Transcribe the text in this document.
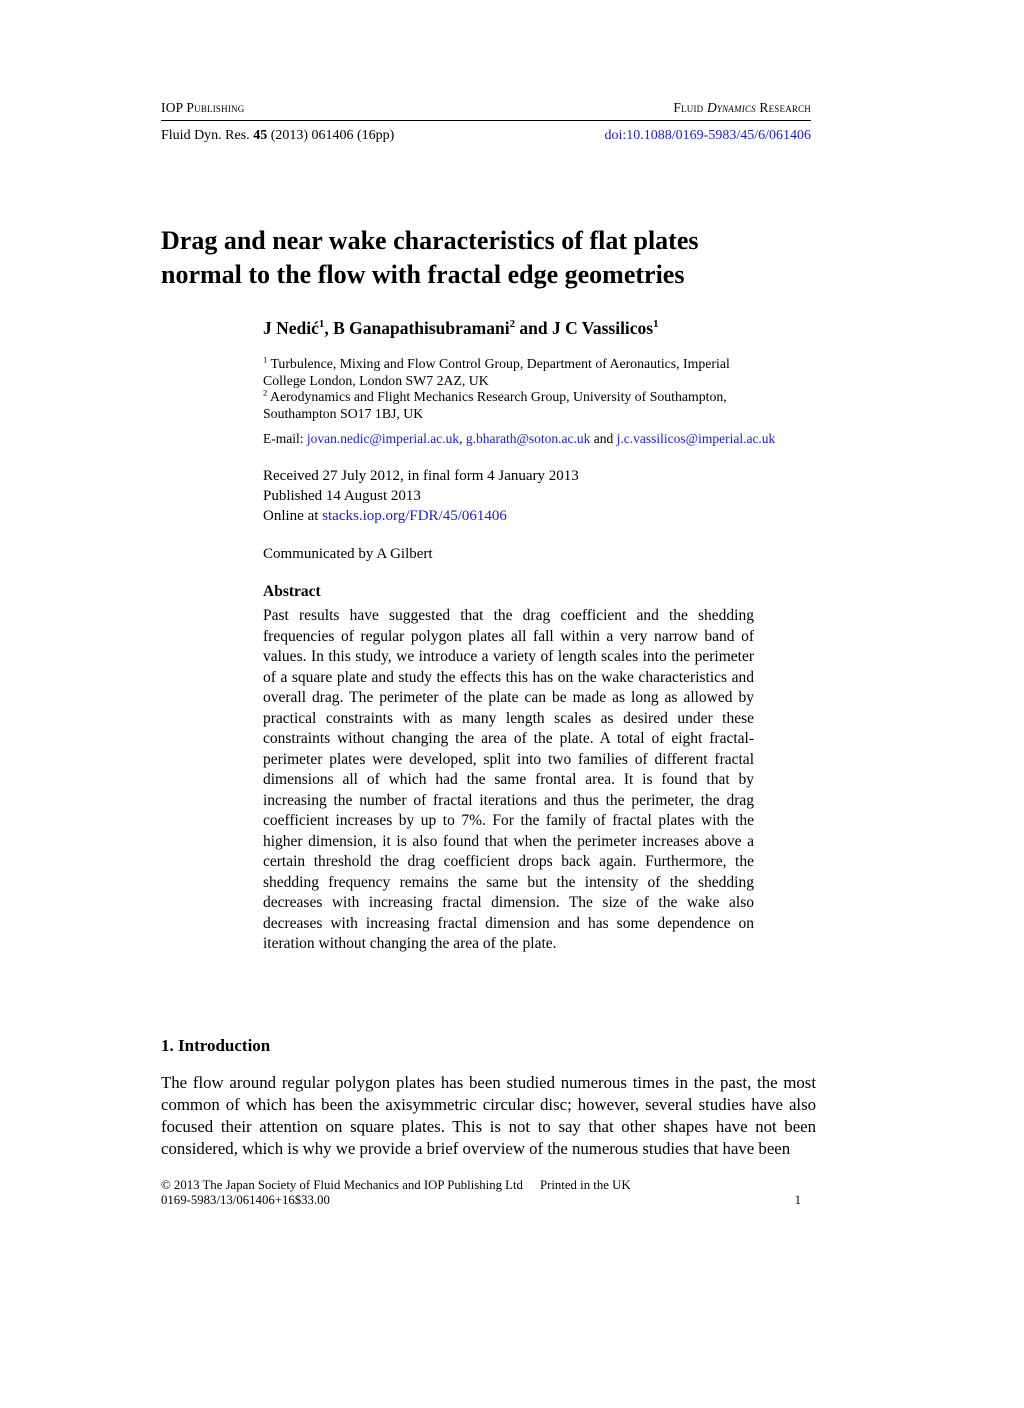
IOP Publishing	Fluid Dynamics Research
Fluid Dyn. Res. 45 (2013) 061406 (16pp)	doi:10.1088/0169-5983/45/6/061406
Drag and near wake characteristics of flat plates
normal to the flow with fractal edge geometries
J Nedić$^1$, B Ganapathisubramani$^2$ and J C Vassilicos$^1$
$^1$ Turbulence, Mixing and Flow Control Group, Department of Aeronautics, Imperial College London, London SW7 2AZ, UK
$^2$ Aerodynamics and Flight Mechanics Research Group, University of Southampton, Southampton SO17 1BJ, UK
E-mail: jovan.nedic@imperial.ac.uk, g.bharath@soton.ac.uk and j.c.vassilicos@imperial.ac.uk
Received 27 July 2012, in final form 4 January 2013
Published 14 August 2013
Online at stacks.iop.org/FDR/45/061406
Communicated by A Gilbert
Abstract

Past results have suggested that the drag coefficient and the shedding frequencies of regular polygon plates all fall within a very narrow band of values. In this study, we introduce a variety of length scales into the perimeter of a square plate and study the effects this has on the wake characteristics and overall drag. The perimeter of the plate can be made as long as allowed by practical constraints with as many length scales as desired under these constraints without changing the area of the plate. A total of eight fractal-perimeter plates were developed, split into two families of different fractal dimensions all of which had the same frontal area. It is found that by increasing the number of fractal iterations and thus the perimeter, the drag coefficient increases by up to 7%. For the family of fractal plates with the higher dimension, it is also found that when the perimeter increases above a certain threshold the drag coefficient drops back again. Furthermore, the shedding frequency remains the same but the intensity of the shedding decreases with increasing fractal dimension. The size of the wake also decreases with increasing fractal dimension and has some dependence on iteration without changing the area of the plate.

1. Introduction

The flow around regular polygon plates has been studied numerous times in the past, the most common of which has been the axisymmetric circular disc; however, several studies have also focused their attention on square plates. This is not to say that other shapes have not been considered, which is why we provide a brief overview of the numerous studies that have been

© 2013 The Japan Society of Fluid Mechanics and IOP Publishing Ltd Printed in the UK
0169-5983/13/061406+16$33.00	1
